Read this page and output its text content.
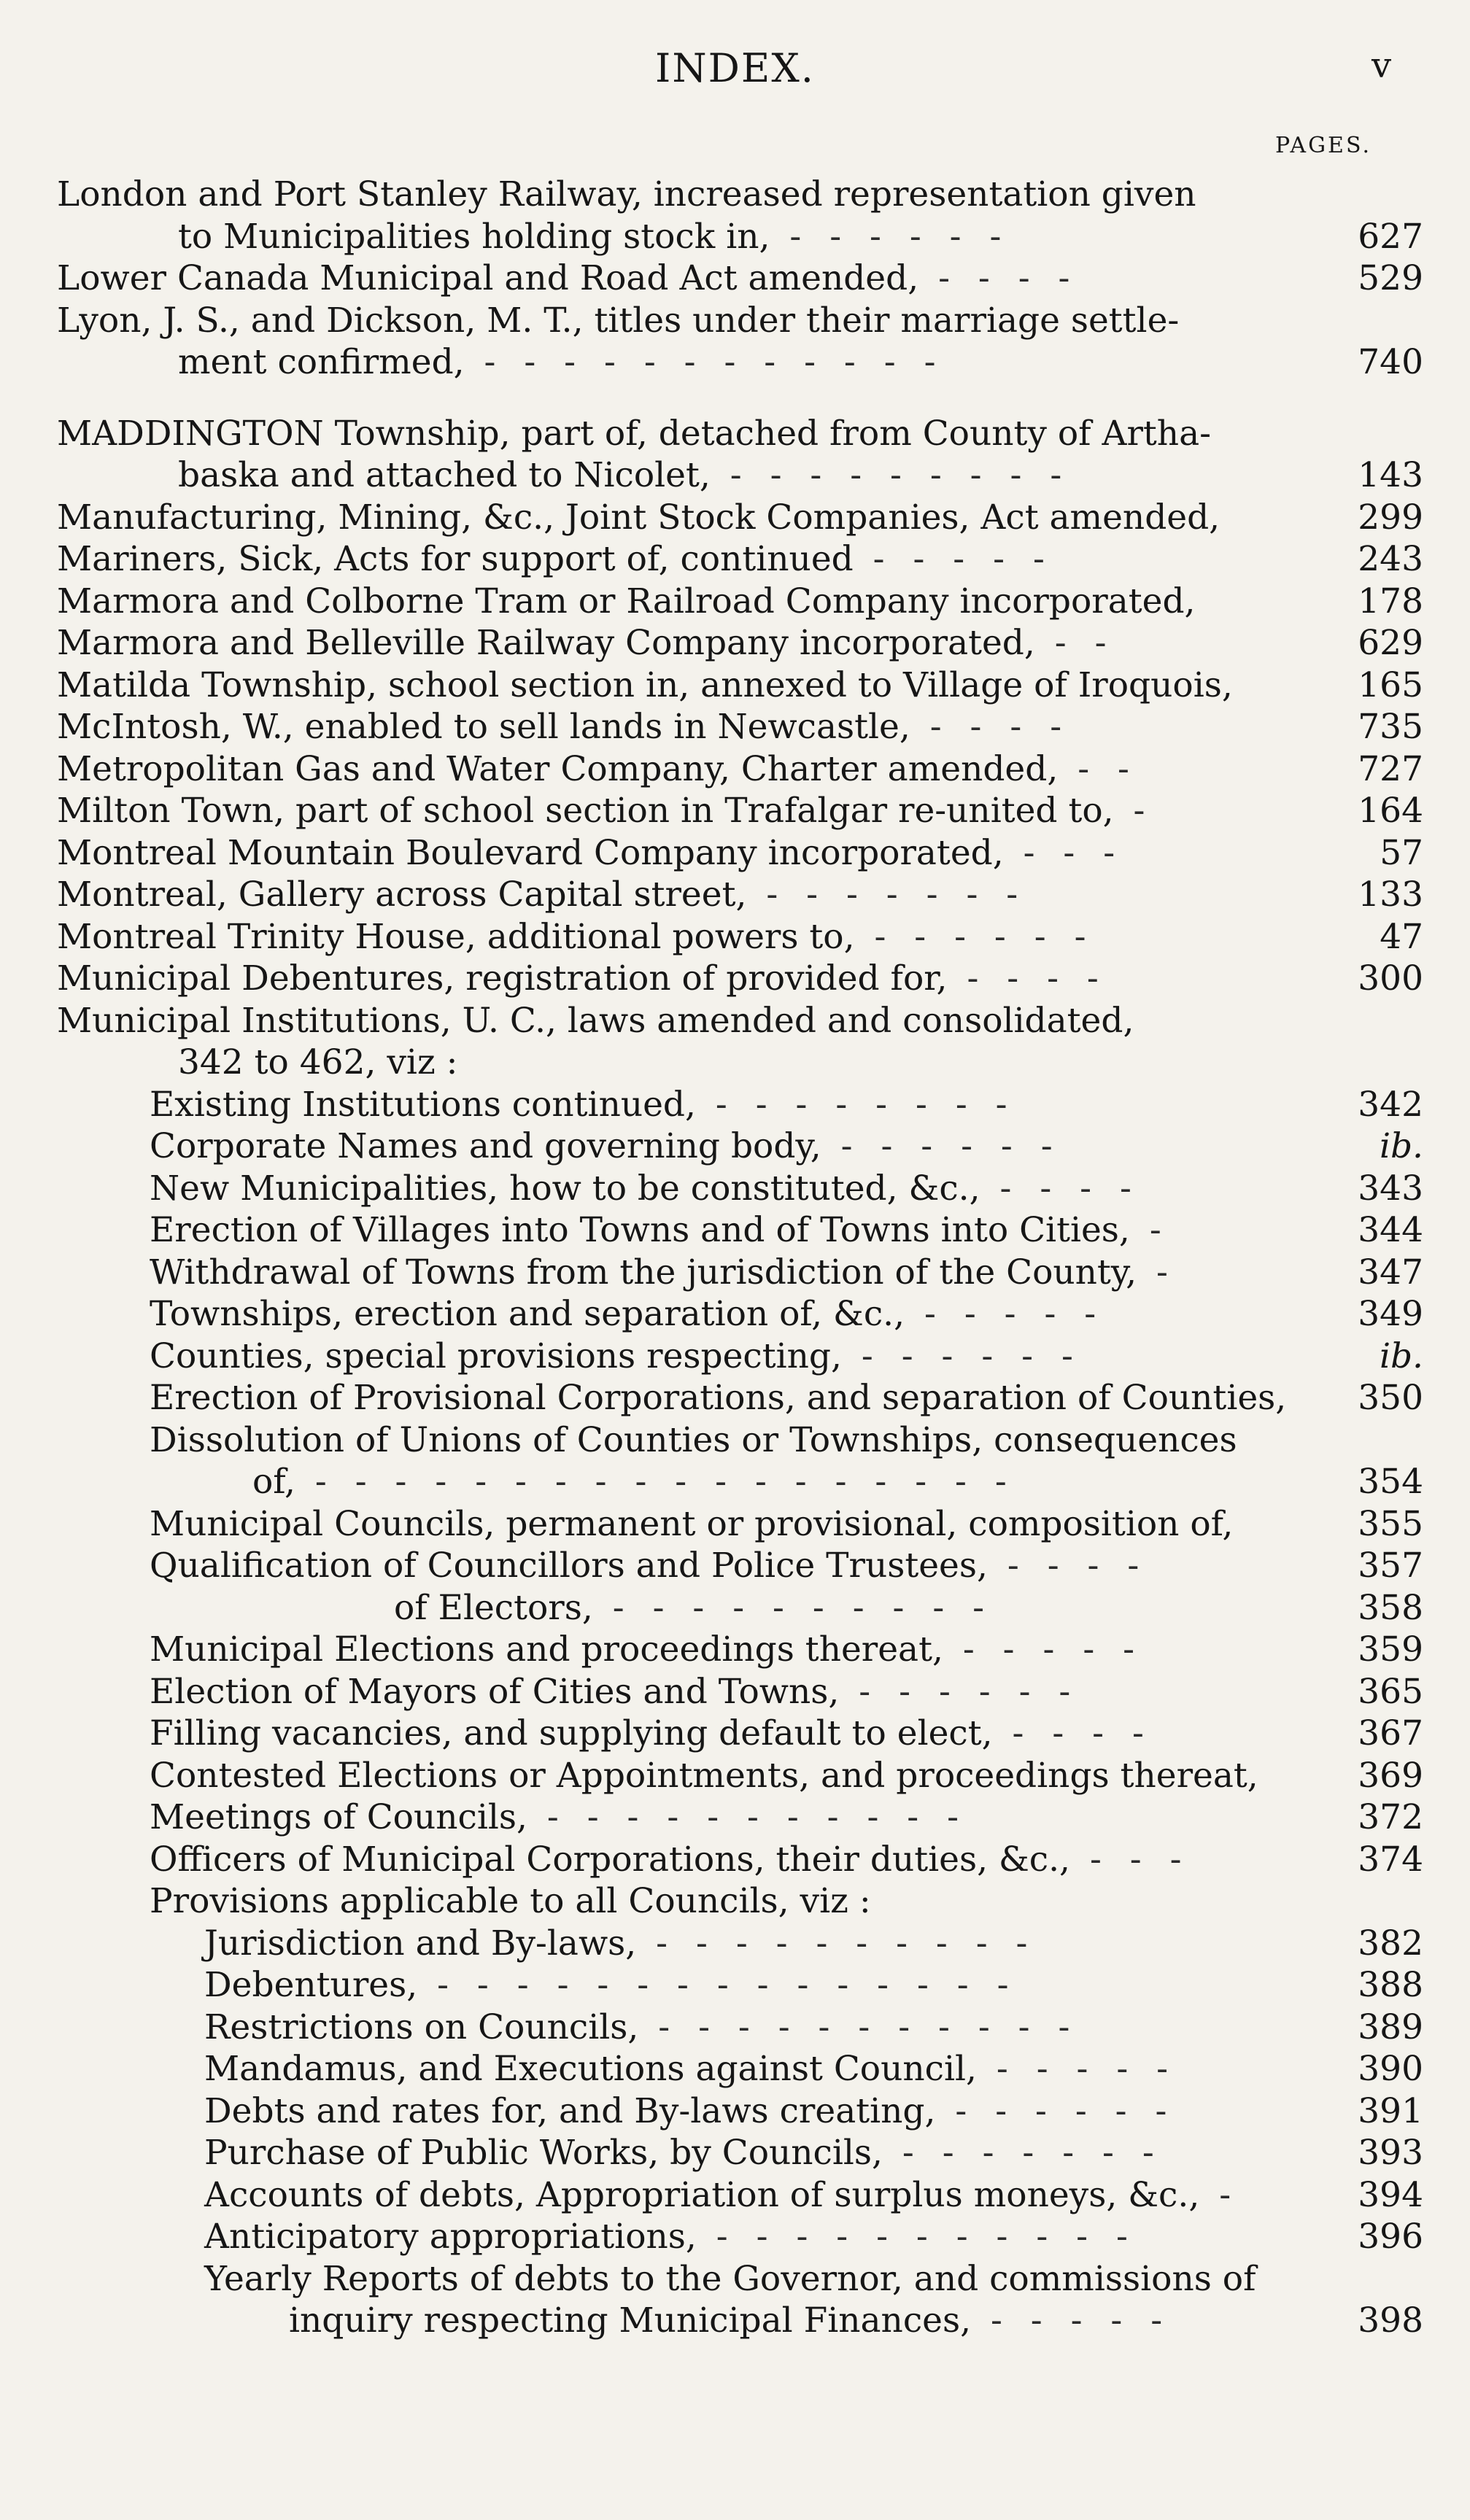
INDEX.	v
PAGES.
London and Port Stanley Railway, increased representation given
to Municipalities holding stock in, - - - - - -	627
Lower Canada Municipal and Road Act amended, - - - -	529
Lyon, J. S., and Dickson, M. T., titles under their marriage settle-
ment confirmed, - - - - - - - - - - - -	740
MADDINGTON Township, part of, detached from County of Artha-
baska and attached to Nicolet, - - - - - - - - -	143
Manufacturing, Mining, &c., Joint Stock Companies, Act amended,	299
Mariners, Sick, Acts for support of, continued - - - - -	243
Marmora and Colborne Tram or Railroad Company incorporated,	178
Marmora and Belleville Railway Company incorporated, - -	629
Matilda Township, school section in, annexed to Village of Iroquois,	165
McIntosh, W., enabled to sell lands in Newcastle, - - - -	735
Metropolitan Gas and Water Company, Charter amended, - -	727
Milton Town, part of school section in Trafalgar re-united to, -	164
Montreal Mountain Boulevard Company incorporated, - - -	57
Montreal, Gallery across Capital street, - - - - - - -	133
Montreal Trinity House, additional powers to, - - - - - -	47
Municipal Debentures, registration of provided for, - - - -	300
Municipal Institutions, U. C., laws amended and consolidated,
342 to 462, viz :
Existing Institutions continued, - - - - - - - -	342
Corporate Names and governing body, - - - - - -	ib.
New Municipalities, how to be constituted, &c., - - - -	343
Erection of Villages into Towns and of Towns into Cities, -	344
Withdrawal of Towns from the jurisdiction of the County, -	347
Townships, erection and separation of, &c., - - - - -	349
Counties, special provisions respecting, - - - - - -	ib.
Erection of Provisional Corporations, and separation of Counties, 350
Dissolution of Unions of Counties or Townships, consequences
of, - - - - - - - - - - - - - - - - - -	354
Municipal Councils, permanent or provisional, composition of,	355
Qualification of Councillors and Police Trustees, - - - -	357
of Electors, - - - - - - - - - -	358
Municipal Elections and proceedings thereat, - - - - -	359
Election of Mayors of Cities and Towns, - - - - - -	365
Filling vacancies, and supplying default to elect, - - - -	367
Contested Elections or Appointments, and proceedings thereat,	369
Meetings of Councils, - - - - - - - - - - -	372
Officers of Municipal Corporations, their duties, &c., - - -	374
Provisions applicable to all Councils, viz :
Jurisdiction and By-laws, - - - - - - - - - -	382
Debentures, - - - - - - - - - - - - - - -	388
Restrictions on Councils, - - - - - - - - - - -	389
Mandamus, and Executions against Council, - - - - -	390
Debts and rates for, and By-laws creating, - - - - - -	391
Purchase of Public Works, by Councils, - - - - - - -	393
Accounts of debts, Appropriation of surplus moneys, &c., -	394
Anticipatory appropriations, - - - - - - - - - - -	396
Yearly Reports of debts to the Governor, and commissions of
inquiry respecting Municipal Finances, - - - - -	398
